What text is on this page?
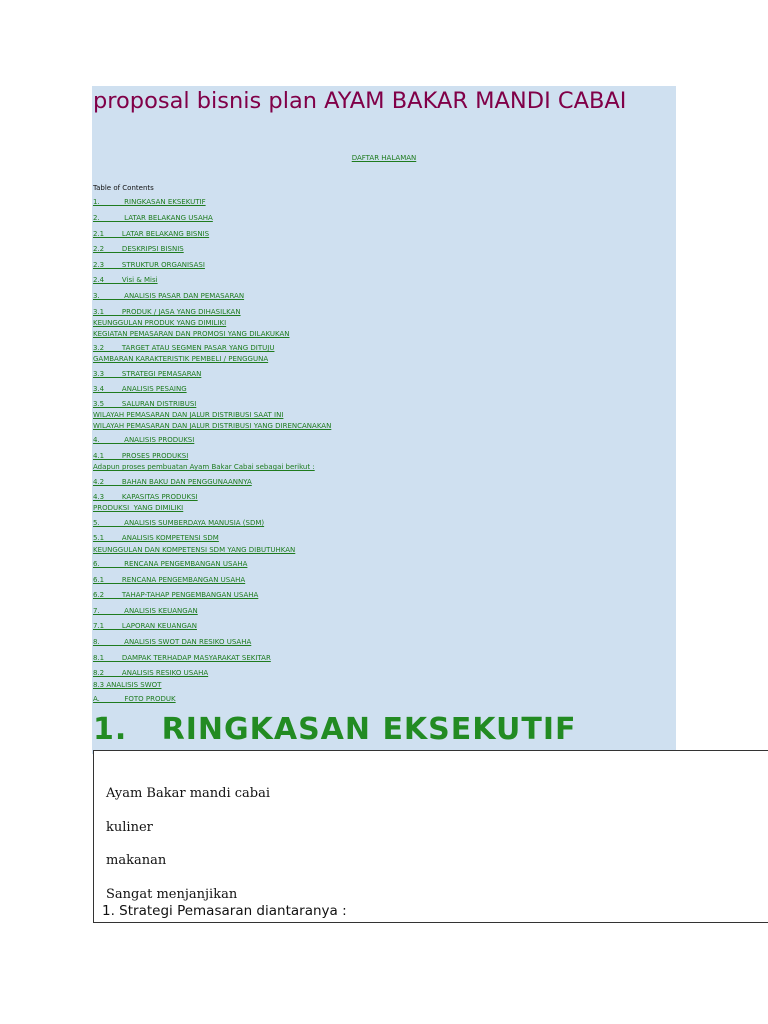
proposal bisnis plan AYAM BAKAR MANDI CABAI
DAFTAR HALAMAN
Table of Contents
1.           RINGKASAN EKSEKUTIF
2.           LATAR BELAKANG USAHA
2.1        LATAR BELAKANG BISNIS
2.2        DESKRIPSI BISNIS
2.3        STRUKTUR ORGANISASI
2.4        Visi & Misi
3.           ANALISIS PASAR DAN PEMASARAN
3.1        PRODUK / JASA YANG DIHASILKAN
KEUNGGULAN PRODUK YANG DIMILIKI
KEGIATAN PEMASARAN DAN PROMOSI YANG DILAKUKAN
3.2        TARGET ATAU SEGMEN PASAR YANG DITUJU
GAMBARAN KARAKTERISTIK PEMBELI / PENGGUNA
3.3        STRATEGI PEMASARAN
3.4        ANALISIS PESAING
3.5        SALURAN DISTRIBUSI
WILAYAH PEMASARAN DAN JALUR DISTRIBUSI SAAT INI
WILAYAH PEMASARAN DAN JALUR DISTRIBUSI YANG DIRENCANAKAN
4.           ANALISIS PRODUKSI
4.1        PROSES PRODUKSI
Adapun proses pembuatan Ayam Bakar Cabai sebagai berikut :
4.2        BAHAN BAKU DAN PENGGUNAANNYA
4.3        KAPASITAS PRODUKSI
PRODUKSI  YANG DIMILIKI
5.           ANALISIS SUMBERDAYA MANUSIA (SDM)
5.1        ANALISIS KOMPETENSI SDM
KEUNGGULAN DAN KOMPETENSI SDM YANG DIBUTUHKAN
6.           RENCANA PENGEMBANGAN USAHA
6.1        RENCANA PENGEMBANGAN USAHA
6.2        TAHAP-TAHAP PENGEMBANGAN USAHA
7.           ANALISIS KEUANGAN
7.1        LAPORAN KEUANGAN
8.           ANALISIS SWOT DAN RESIKO USAHA
8.1        DAMPAK TERHADAP MASYARAKAT SEKITAR
8.2        ANALISIS RESIKO USAHA
8.3 ANALISIS SWOT
A.           FOTO PRODUK
1.   RINGKASAN EKSEKUTIF
Ayam Bakar mandi cabai
kuliner
makanan
Sangat menjanjikan
1. Strategi Pemasaran diantaranya :
